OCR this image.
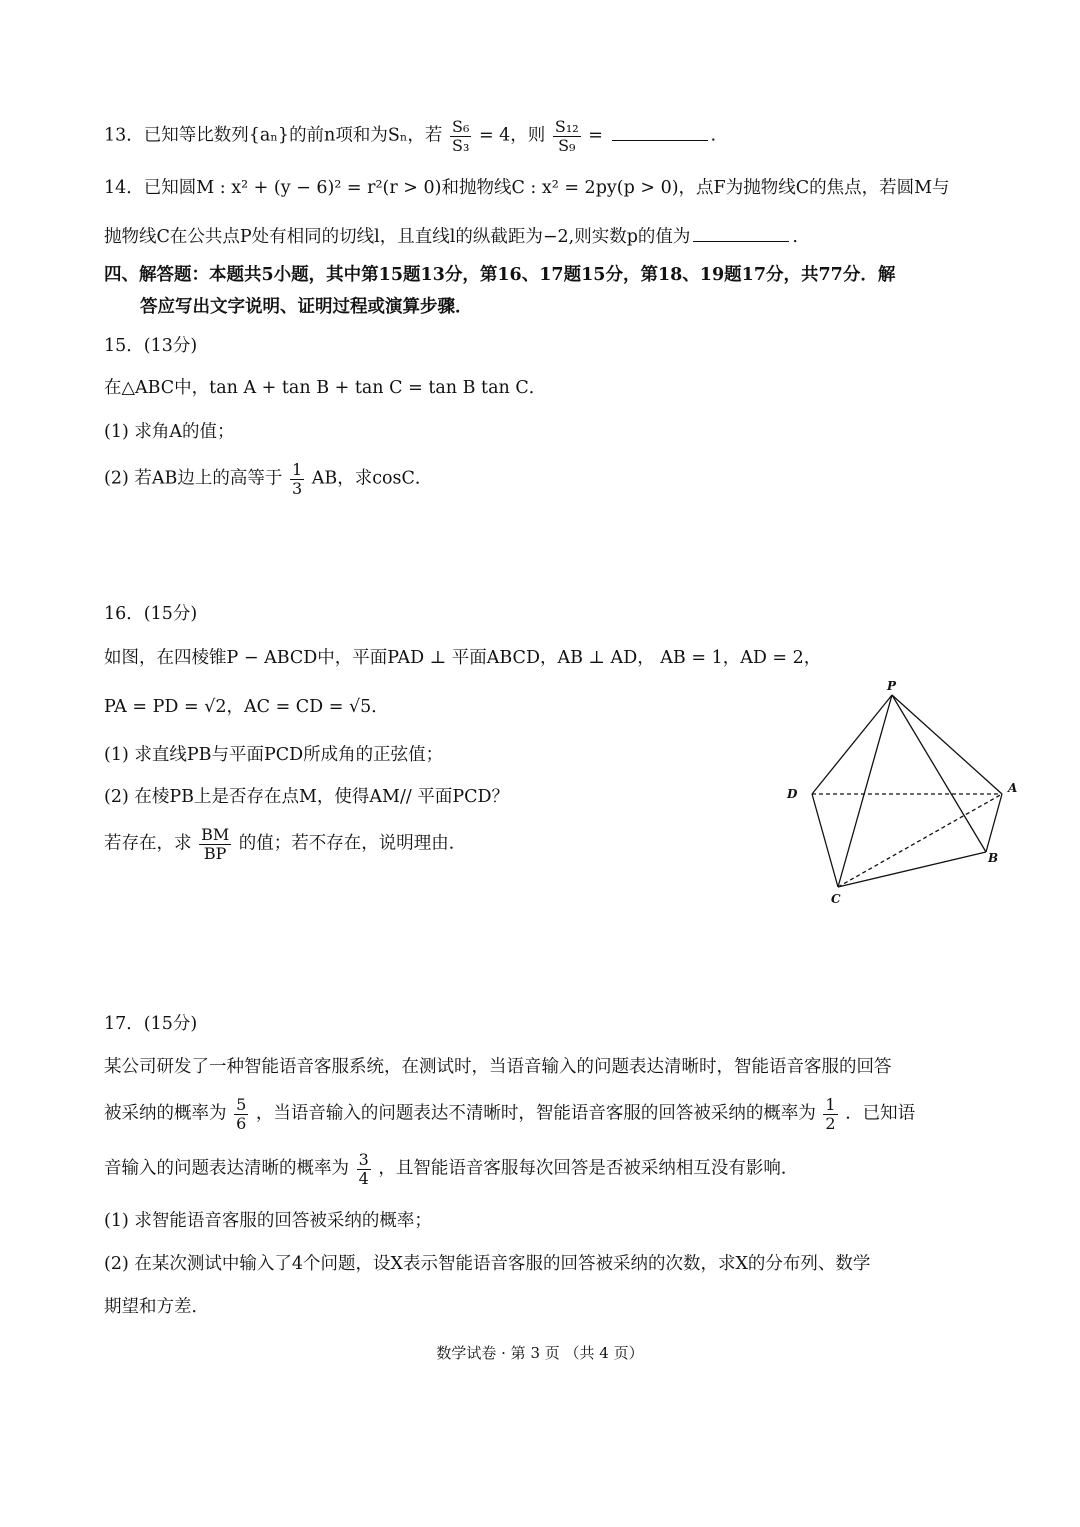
13．已知等比数列{aₙ}的前n项和为Sₙ，若 $\frac{\text{S₆}}{\text{S₃}} = 4$，则 $\frac{\text{S₁₂}}{\text{S₉}}$ =	.
14．已知圆M : x² + (y − 6)² = r²(r > 0)和抛物线C : x² = 2py(p > 0)，点F为抛物线C的焦点，若圆M与
抛物线C在公共点P处有相同的切线l，且直线l的纵截距为−2,则实数p的值为	.
四、解答题：本题共5小题，其中第15题13分，第16、17题15分，第18、19题17分，共77分．解
答应写出文字说明、证明过程或演算步骤．
15．(13分)
在△ABC中，tan A + tan B + tan C = tan B tan C．
(1) 求角A的值；
(2) 若AB边上的高等于 $\frac{1}{3}$ AB，求cosC．
16．(15分)
如图，在四棱锥P − ABCD中，平面PAD ⊥ 平面ABCD，AB ⊥ AD， AB = 1，AD = 2，
PA = PD = √2，AC = CD = √5．
(1) 求直线PB与平面PCD所成角的正弦值；
(2) 在棱PB上是否存在点M，使得AM// 平面PCD？
若存在，求 $\frac{BM}{BP}$ 的值；若不存在，说明理由．
P
D	A
B
C
17．(15分)
某公司研发了一种智能语音客服系统，在测试时，当语音输入的问题表达清晰时，智能语音客服的回答
被采纳的概率为 $\frac{5}{6}$ ，当语音输入的问题表达不清晰时，智能语音客服的回答被采纳的概率为 $\frac{1}{2}$ ．已知语
音输入的问题表达清晰的概率为 $\frac{3}{4}$ ，且智能语音客服每次回答是否被采纳相互没有影响．
(1) 求智能语音客服的回答被采纳的概率；
(2) 在某次测试中输入了4个问题，设X表示智能语音客服的回答被采纳的次数，求X的分布列、数学
期望和方差．
数学试卷 · 第 3 页 （共 4 页）
